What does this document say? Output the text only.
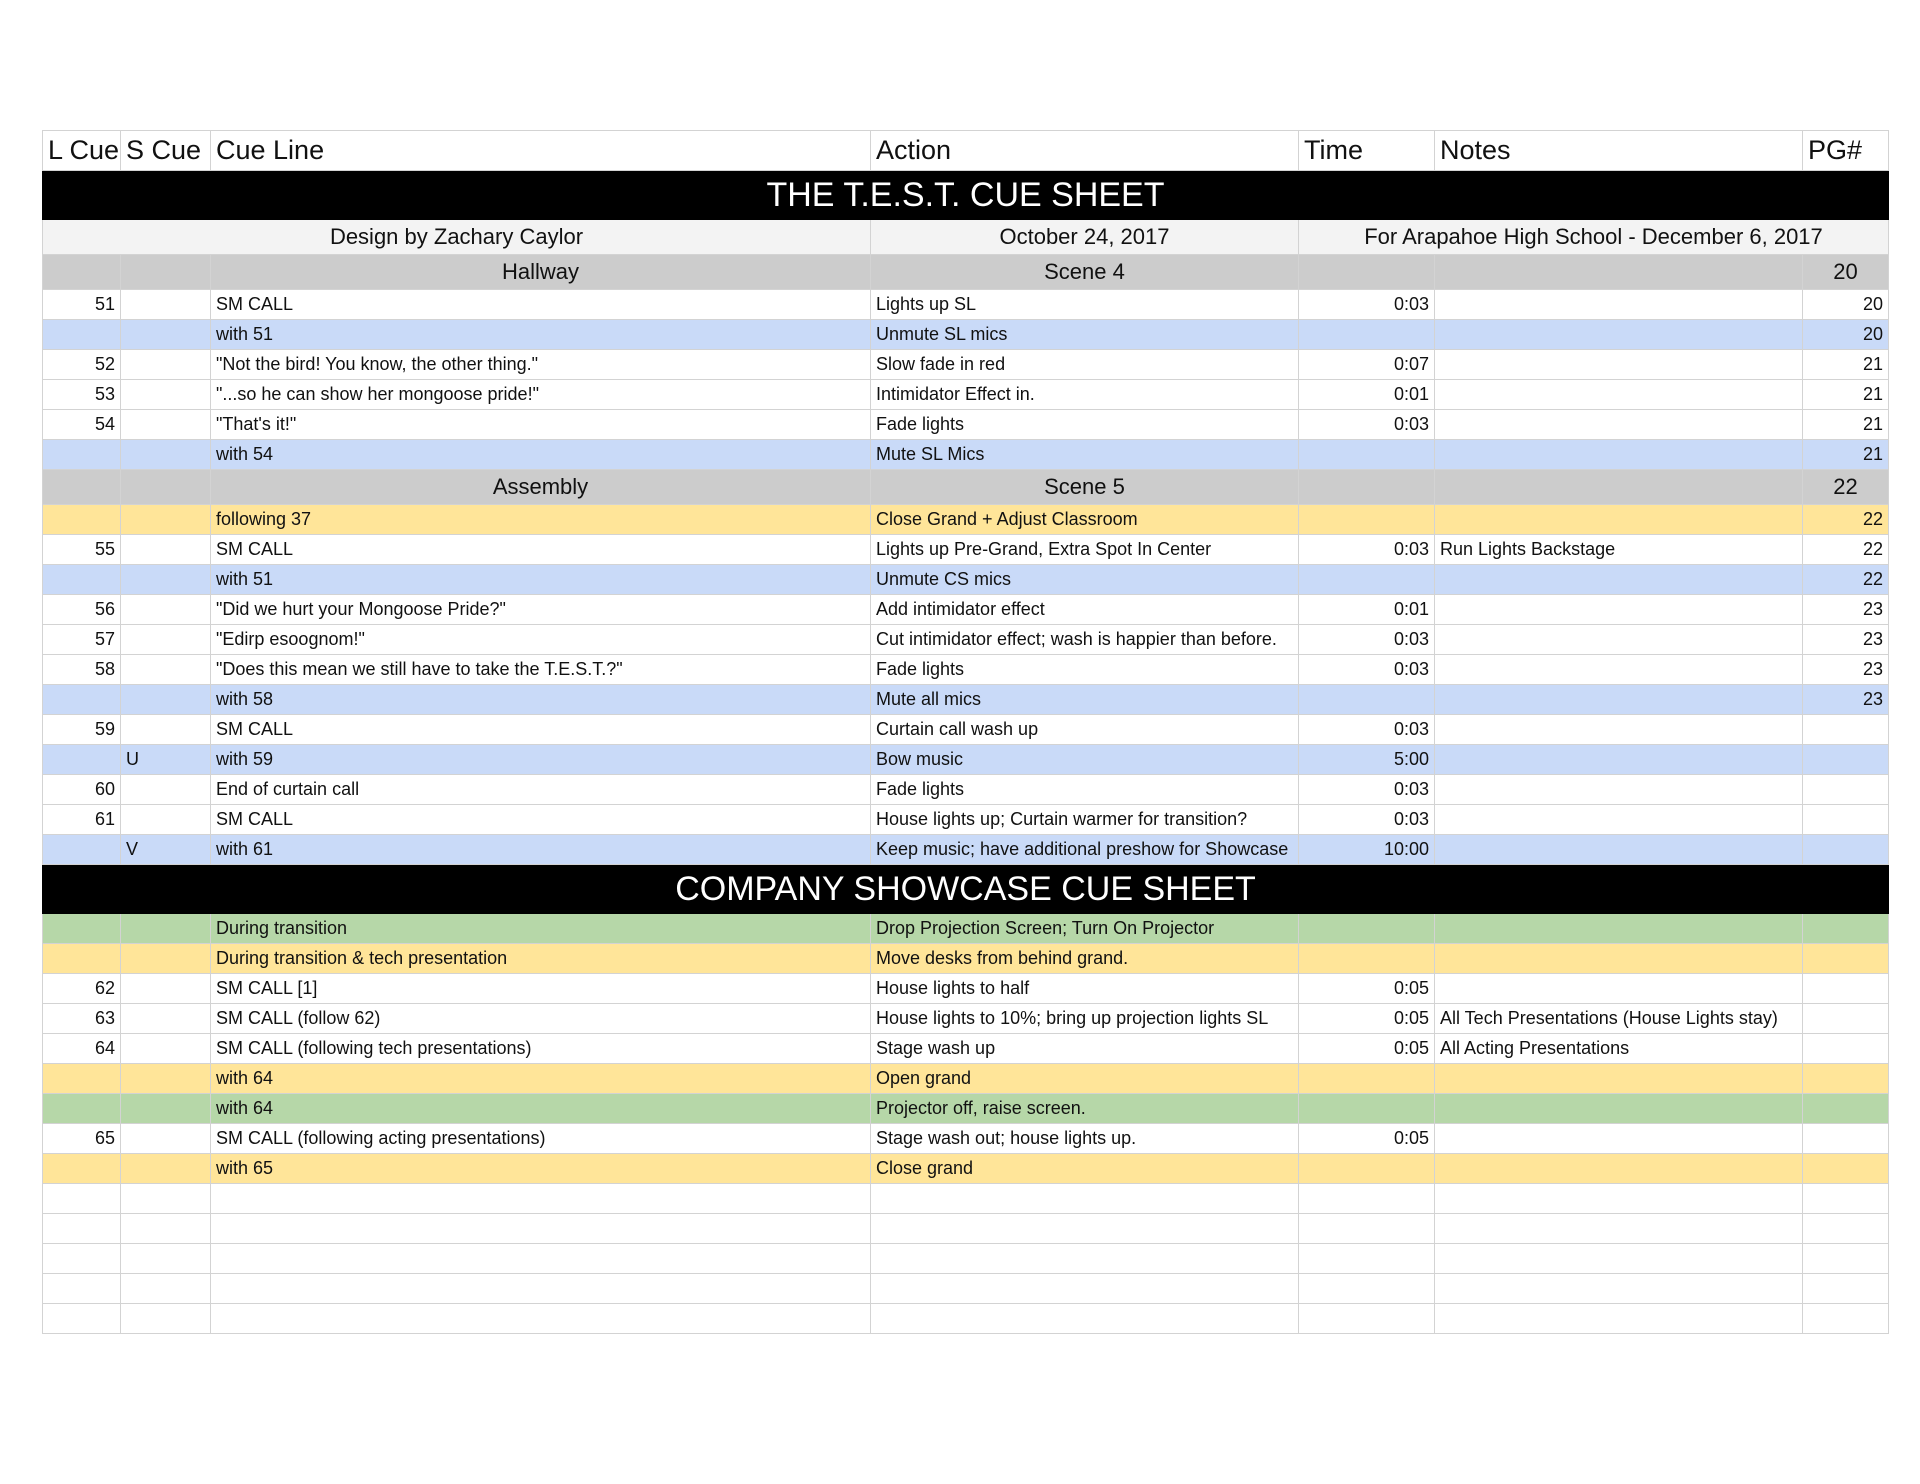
L Cue	S Cue	Cue Line	Action	Time	Notes	PG#
THE T.E.S.T. CUE SHEET						
Design by Zachary Caylor			October 24, 2017	For Arapahoe High School - December 6, 2017		
		Hallway	Scene 4			20
51		SM CALL	Lights up SL	0:03		20
		with 51	Unmute SL mics			20
52		"Not the bird! You know, the other thing."	Slow fade in red	0:07		21
53		"...so he can show her mongoose pride!"	Intimidator Effect in.	0:01		21
54		"That's it!"	Fade lights	0:03		21
		with 54	Mute SL Mics			21
		Assembly	Scene 5			22
		following 37	Close Grand + Adjust Classroom			22
55		SM CALL	Lights up Pre-Grand, Extra Spot In Center	0:03	Run Lights Backstage	22
		with 51	Unmute CS mics			22
56		"Did we hurt your Mongoose Pride?"	Add intimidator effect	0:01		23
57		"Edirp esoognom!"	Cut intimidator effect; wash is happier than before.	0:03		23
58		"Does this mean we still have to take the T.E.S.T.?"	Fade lights	0:03		23
		with 58	Mute all mics			23
59		SM CALL	Curtain call wash up	0:03		
	U	with 59	Bow music	5:00		
60		End of curtain call	Fade lights	0:03		
61		SM CALL	House lights up; Curtain warmer for transition?	0:03		
	V	with 61	Keep music; have additional preshow for Showcase	10:00		
COMPANY SHOWCASE CUE SHEET						
		During transition	Drop Projection Screen; Turn On Projector			
		During transition & tech presentation	Move desks from behind grand.			
62		SM CALL [1]	House lights to half	0:05		
63		SM CALL (follow 62)	House lights to 10%; bring up projection lights SL	0:05	All Tech Presentations (House Lights stay)	
64		SM CALL (following tech presentations)	Stage wash up	0:05	All Acting Presentations	
		with 64	Open grand			
		with 64	Projector off, raise screen.			
65		SM CALL (following acting presentations)	Stage wash out; house lights up.	0:05		
		with 65	Close grand			
